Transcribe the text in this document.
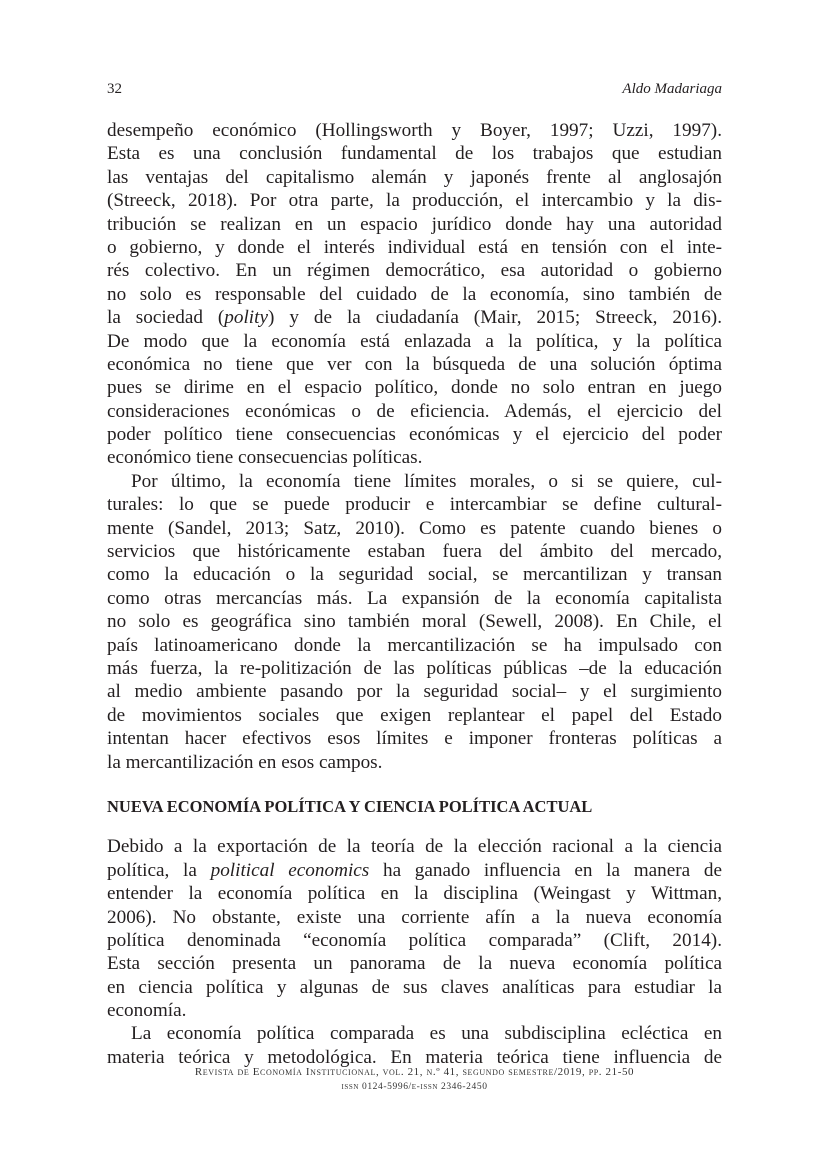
32	Aldo Madariaga
desempeño económico (Hollingsworth y Boyer, 1997; Uzzi, 1997).
Esta es una conclusión fundamental de los trabajos que estudian
las ventajas del capitalismo alemán y japonés frente al anglosajón
(Streeck, 2018). Por otra parte, la producción, el intercambio y la dis-
tribución se realizan en un espacio jurídico donde hay una autoridad
o gobierno, y donde el interés individual está en tensión con el inte-
rés colectivo. En un régimen democrático, esa autoridad o gobierno
no solo es responsable del cuidado de la economía, sino también de
la sociedad (polity) y de la ciudadanía (Mair, 2015; Streeck, 2016).
De modo que la economía está enlazada a la política, y la política
económica no tiene que ver con la búsqueda de una solución óptima
pues se dirime en el espacio político, donde no solo entran en juego
consideraciones económicas o de eficiencia. Además, el ejercicio del
poder político tiene consecuencias económicas y el ejercicio del poder
económico tiene consecuencias políticas.
Por último, la economía tiene límites morales, o si se quiere, cul-
turales: lo que se puede producir e intercambiar se define cultural-
mente (Sandel, 2013; Satz, 2010). Como es patente cuando bienes o
servicios que históricamente estaban fuera del ámbito del mercado,
como la educación o la seguridad social, se mercantilizan y transan
como otras mercancías más. La expansión de la economía capitalista
no solo es geográfica sino también moral (Sewell, 2008). En Chile, el
país latinoamericano donde la mercantilización se ha impulsado con
más fuerza, la re-politización de las políticas públicas –de la educación
al medio ambiente pasando por la seguridad social– y el surgimiento
de movimientos sociales que exigen replantear el papel del Estado
intentan hacer efectivos esos límites e imponer fronteras políticas a
la mercantilización en esos campos.
NUEVA ECONOMÍA POLÍTICA Y CIENCIA POLÍTICA ACTUAL
Debido a la exportación de la teoría de la elección racional a la ciencia
política, la political economics ha ganado influencia en la manera de
entender la economía política en la disciplina (Weingast y Wittman,
2006). No obstante, existe una corriente afín a la nueva economía
política denominada “economía política comparada” (Clift, 2014).
Esta sección presenta un panorama de la nueva economía política
en ciencia política y algunas de sus claves analíticas para estudiar la
economía.
La economía política comparada es una subdisciplina ecléctica en
materia teórica y metodológica. En materia teórica tiene influencia de
Revista de Economía Institucional, vol. 21, n.º 41, segundo semestre/2019, pp. 21-50
issn 0124-5996/e-issn 2346-2450
